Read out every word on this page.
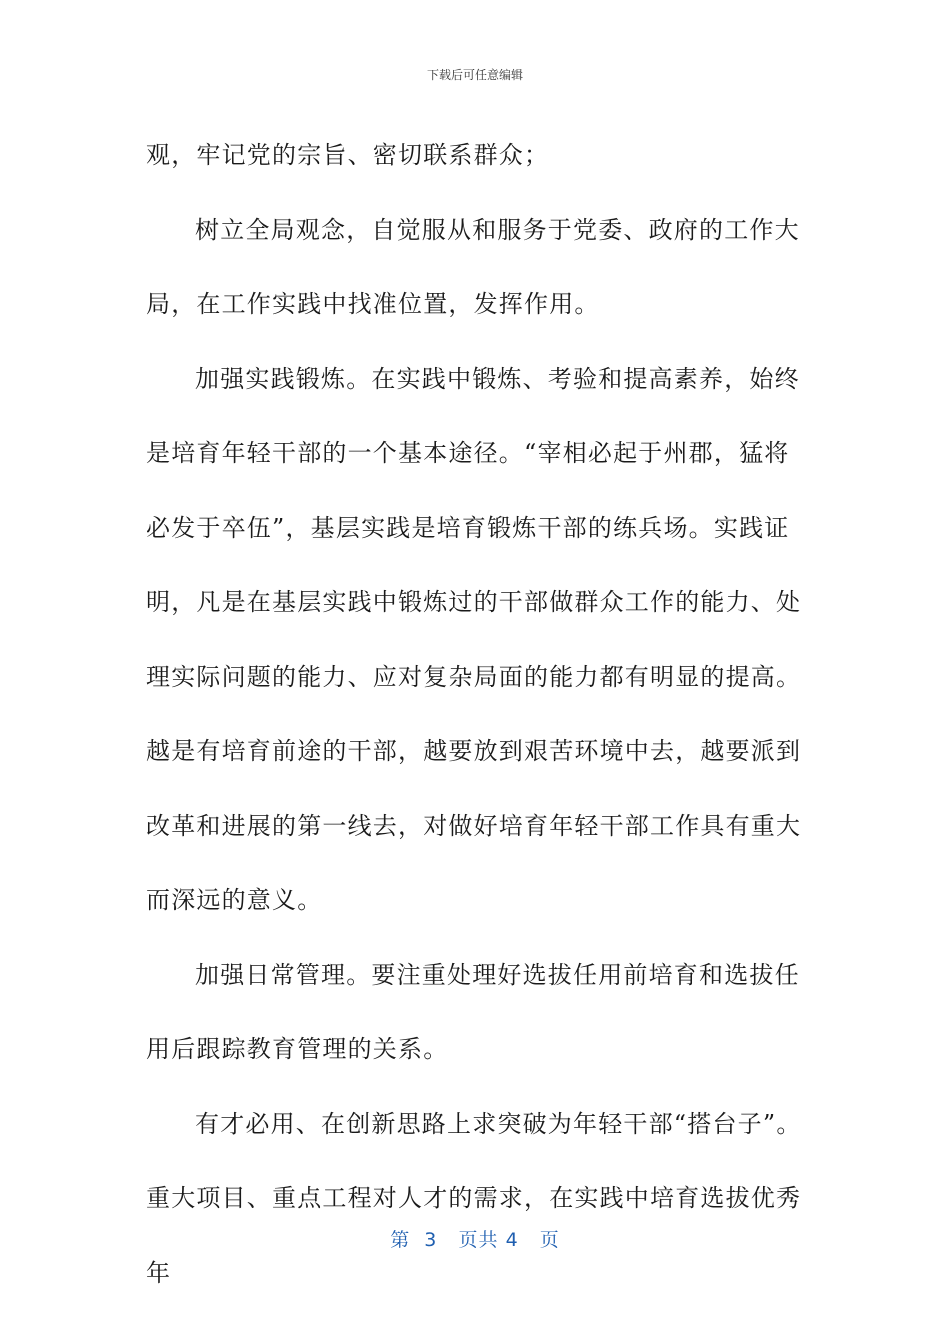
下载后可任意编辑

观，牢记党的宗旨、密切联系群众；

树立全局观念，自觉服从和服务于党委、政府的工作大局，在工作实践中找准位置，发挥作用。

加强实践锻炼。在实践中锻炼、考验和提高素养，始终是培育年轻干部的一个基本途径。“宰相必起于州郡，猛将必发于卒伍”，基层实践是培育锻炼干部的练兵场。实践证明，凡是在基层实践中锻炼过的干部做群众工作的能力、处理实际问题的能力、应对复杂局面的能力都有明显的提高。越是有培育前途的干部，越要放到艰苦环境中去，越要派到改革和进展的第一线去，对做好培育年轻干部工作具有重大而深远的意义。

加强日常管理。要注重处理好选拔任用前培育和选拔任用后跟踪教育管理的关系。

有才必用、在创新思路上求突破为年轻干部“搭台子”。重大项目、重点工程对人才的需求，在实践中培育选拔优秀年

第 3 页共 4 页
